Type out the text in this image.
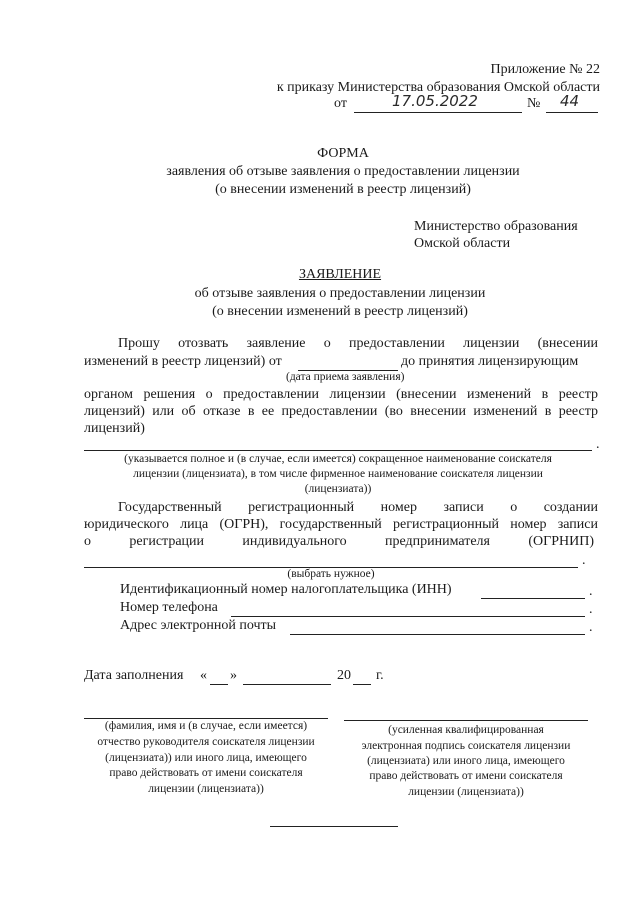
Приложение № 22
к приказу Министерства образования Омской области
от	17.05.2022	№ 44
ФОРМА
заявления об отзыве заявления о предоставлении лицензии
(о внесении изменений в реестр лицензий)
Министерство образования
Омской области
ЗАЯВЛЕНИЕ
об отзыве заявления о предоставлении лицензии
(о внесении изменений в реестр лицензий)
Прошу отозвать заявление о предоставлении лицензии (внесении
изменений в реестр лицензий) от	до принятия лицензирующим
(дата приема заявления)
органом решения о предоставлении лицензии (внесении изменений в реестр
лицензий) или об отказе в ее предоставлении (во внесении изменений в реестр
лицензий)
.
(указывается полное и (в случае, если имеется) сокращенное наименование соискателя
лицензии (лицензиата), в том числе фирменное наименование соискателя лицензии
(лицензиата))
Государственный регистрационный номер записи о создании
юридического лица (ОГРН), государственный регистрационный номер записи
о регистрации индивидуального предпринимателя (ОГРНИП)
.
(выбрать нужное)
Идентификационный номер налогоплательщика (ИНН)	.
Номер телефона	.
Адрес электронной почты	.
Дата заполнения « »	20 г.
(фамилия, имя и (в случае, если имеется)
отчество руководителя соискателя лицензии
(лицензиата)) или иного лица, имеющего
право действовать от имени соискателя
лицензии (лицензиата))
(усиленная квалифицированная
электронная подпись соискателя лицензии
(лицензиата) или иного лица, имеющего
право действовать от имени соискателя
лицензии (лицензиата))
